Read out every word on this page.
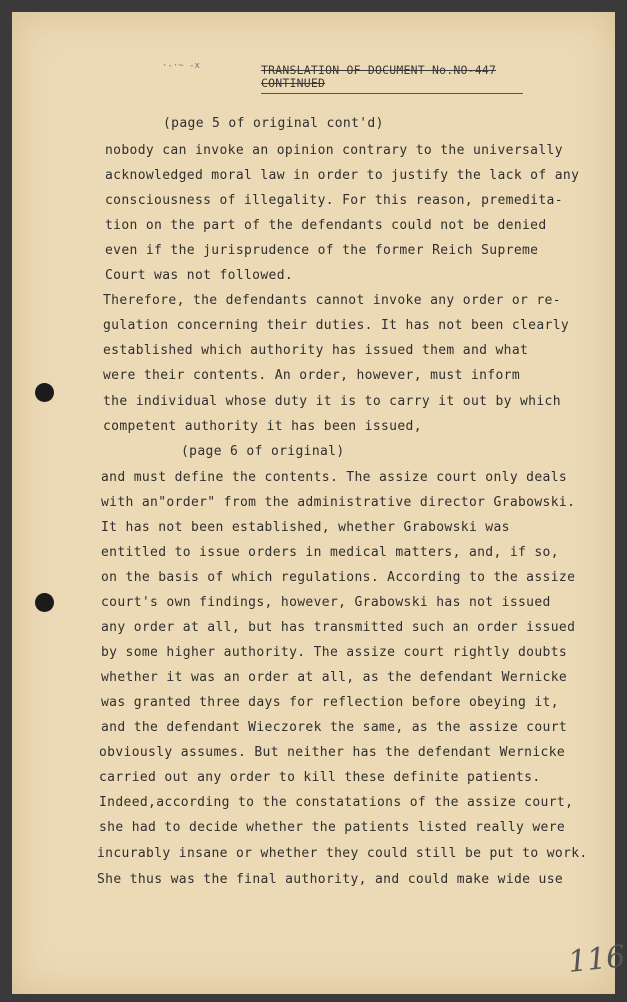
·-·~ -x	TRANSLATION OF DOCUMENT No.NO-447
CONTINUED
(page 5 of original cont'd)
nobody can invoke an opinion contrary to the universally
acknowledged moral law in order to justify the lack of any
consciousness of illegality. For this reason, premedita-
tion on the part of the defendants could not be denied
even if the jurisprudence of the former Reich Supreme
Court was not followed.
Therefore, the defendants cannot invoke any order or re-
gulation concerning their duties. It has not been clearly
established which authority has issued them and what
were their contents. An order, however, must inform
the individual whose duty it is to carry it out by which
competent authority it has been issued,
(page 6 of original)
and must define the contents. The assize court only deals
with an"order" from the administrative director Grabowski.
It has not been established, whether Grabowski was
entitled to issue orders in medical matters, and, if so,
on the basis of which regulations. According to the assize
court's own findings, however, Grabowski has not issued
any order at all, but has transmitted such an order issued
by some higher authority. The assize court rightly doubts
whether it was an order at all, as the defendant Wernicke
was granted three days for reflection before obeying it,
and the defendant Wieczorek the same, as the assize court
obviously assumes. But neither has the defendant Wernicke
carried out any order to kill these definite patients.
Indeed,according to the constatations of the assize court,
she had to decide whether the patients listed really were
incurably insane or whether they could still be put to work.
She thus was the final authority, and could make wide use
116
